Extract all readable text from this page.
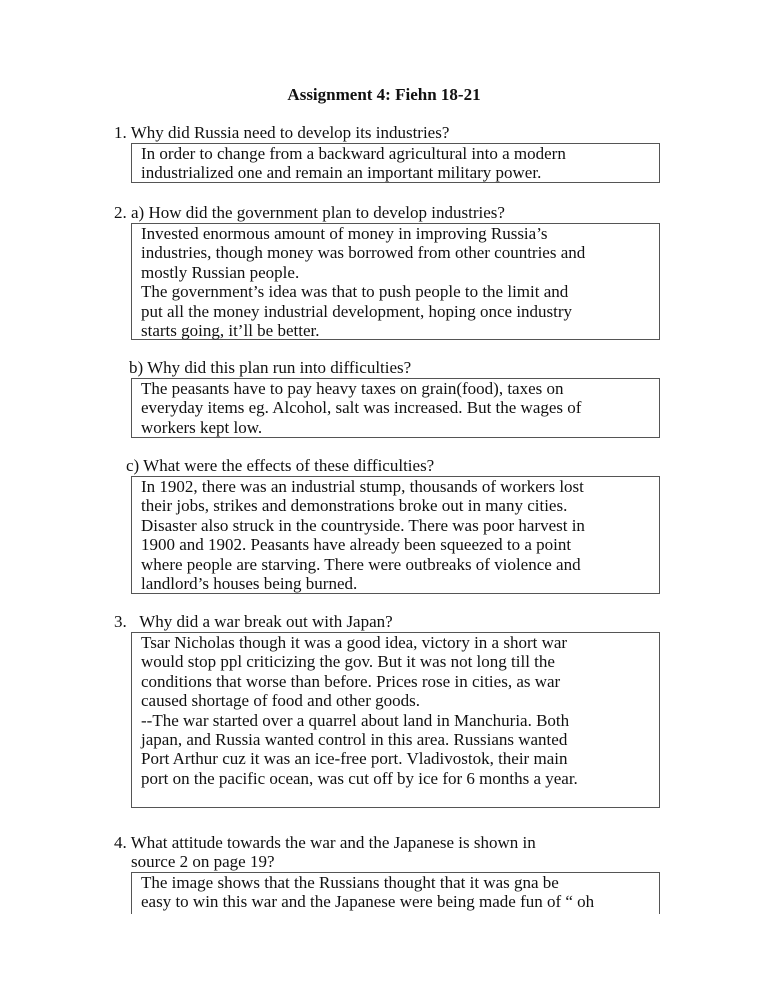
Assignment 4: Fiehn 18-21
1. Why did Russia need to develop its industries?
In order to change from a backward agricultural into a modern
industrialized one and remain an important military power.
2. a) How did the government plan to develop industries?
Invested enormous amount of money in improving Russia’s
industries, though money was borrowed from other countries and
mostly Russian people.
The government’s idea was that to push people to the limit and
put all the money industrial development, hoping once industry
starts going, it’ll be better.
b) Why did this plan run into difficulties?
The peasants have to pay heavy taxes on grain(food), taxes on
everyday items eg. Alcohol, salt was increased. But the wages of
workers kept low.
c) What were the effects of these difficulties?
In 1902, there was an industrial stump, thousands of workers lost
their jobs, strikes and demonstrations broke out in many cities.
Disaster also struck in the countryside. There was poor harvest in
1900 and 1902. Peasants have already been squeezed to a point
where people are starving. There were outbreaks of violence and
landlord’s houses being burned.
3.   Why did a war break out with Japan?
Tsar Nicholas though it was a good idea, victory in a short war
would stop ppl criticizing the gov. But it was not long till the
conditions that worse than before. Prices rose in cities, as war
caused shortage of food and other goods.
--The war started over a quarrel about land in Manchuria. Both
japan, and Russia wanted control in this area. Russians wanted
Port Arthur cuz it was an ice-free port. Vladivostok, their main
port on the pacific ocean, was cut off by ice for 6 months a year.
4. What attitude towards the war and the Japanese is shown in
source 2 on page 19?
The image shows that the Russians thought that it was gna be
easy to win this war and the Japanese were being made fun of “ oh
